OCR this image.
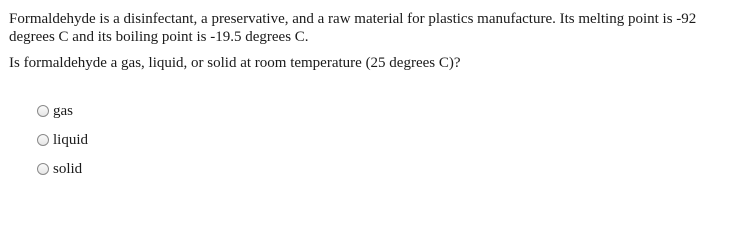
Formaldehyde is a disinfectant, a preservative, and a raw material for plastics manufacture. Its melting point is -92 degrees C and its boiling point is -19.5 degrees C.

Is formaldehyde a gas, liquid, or solid at room temperature (25 degrees C)?

gas
liquid
solid
